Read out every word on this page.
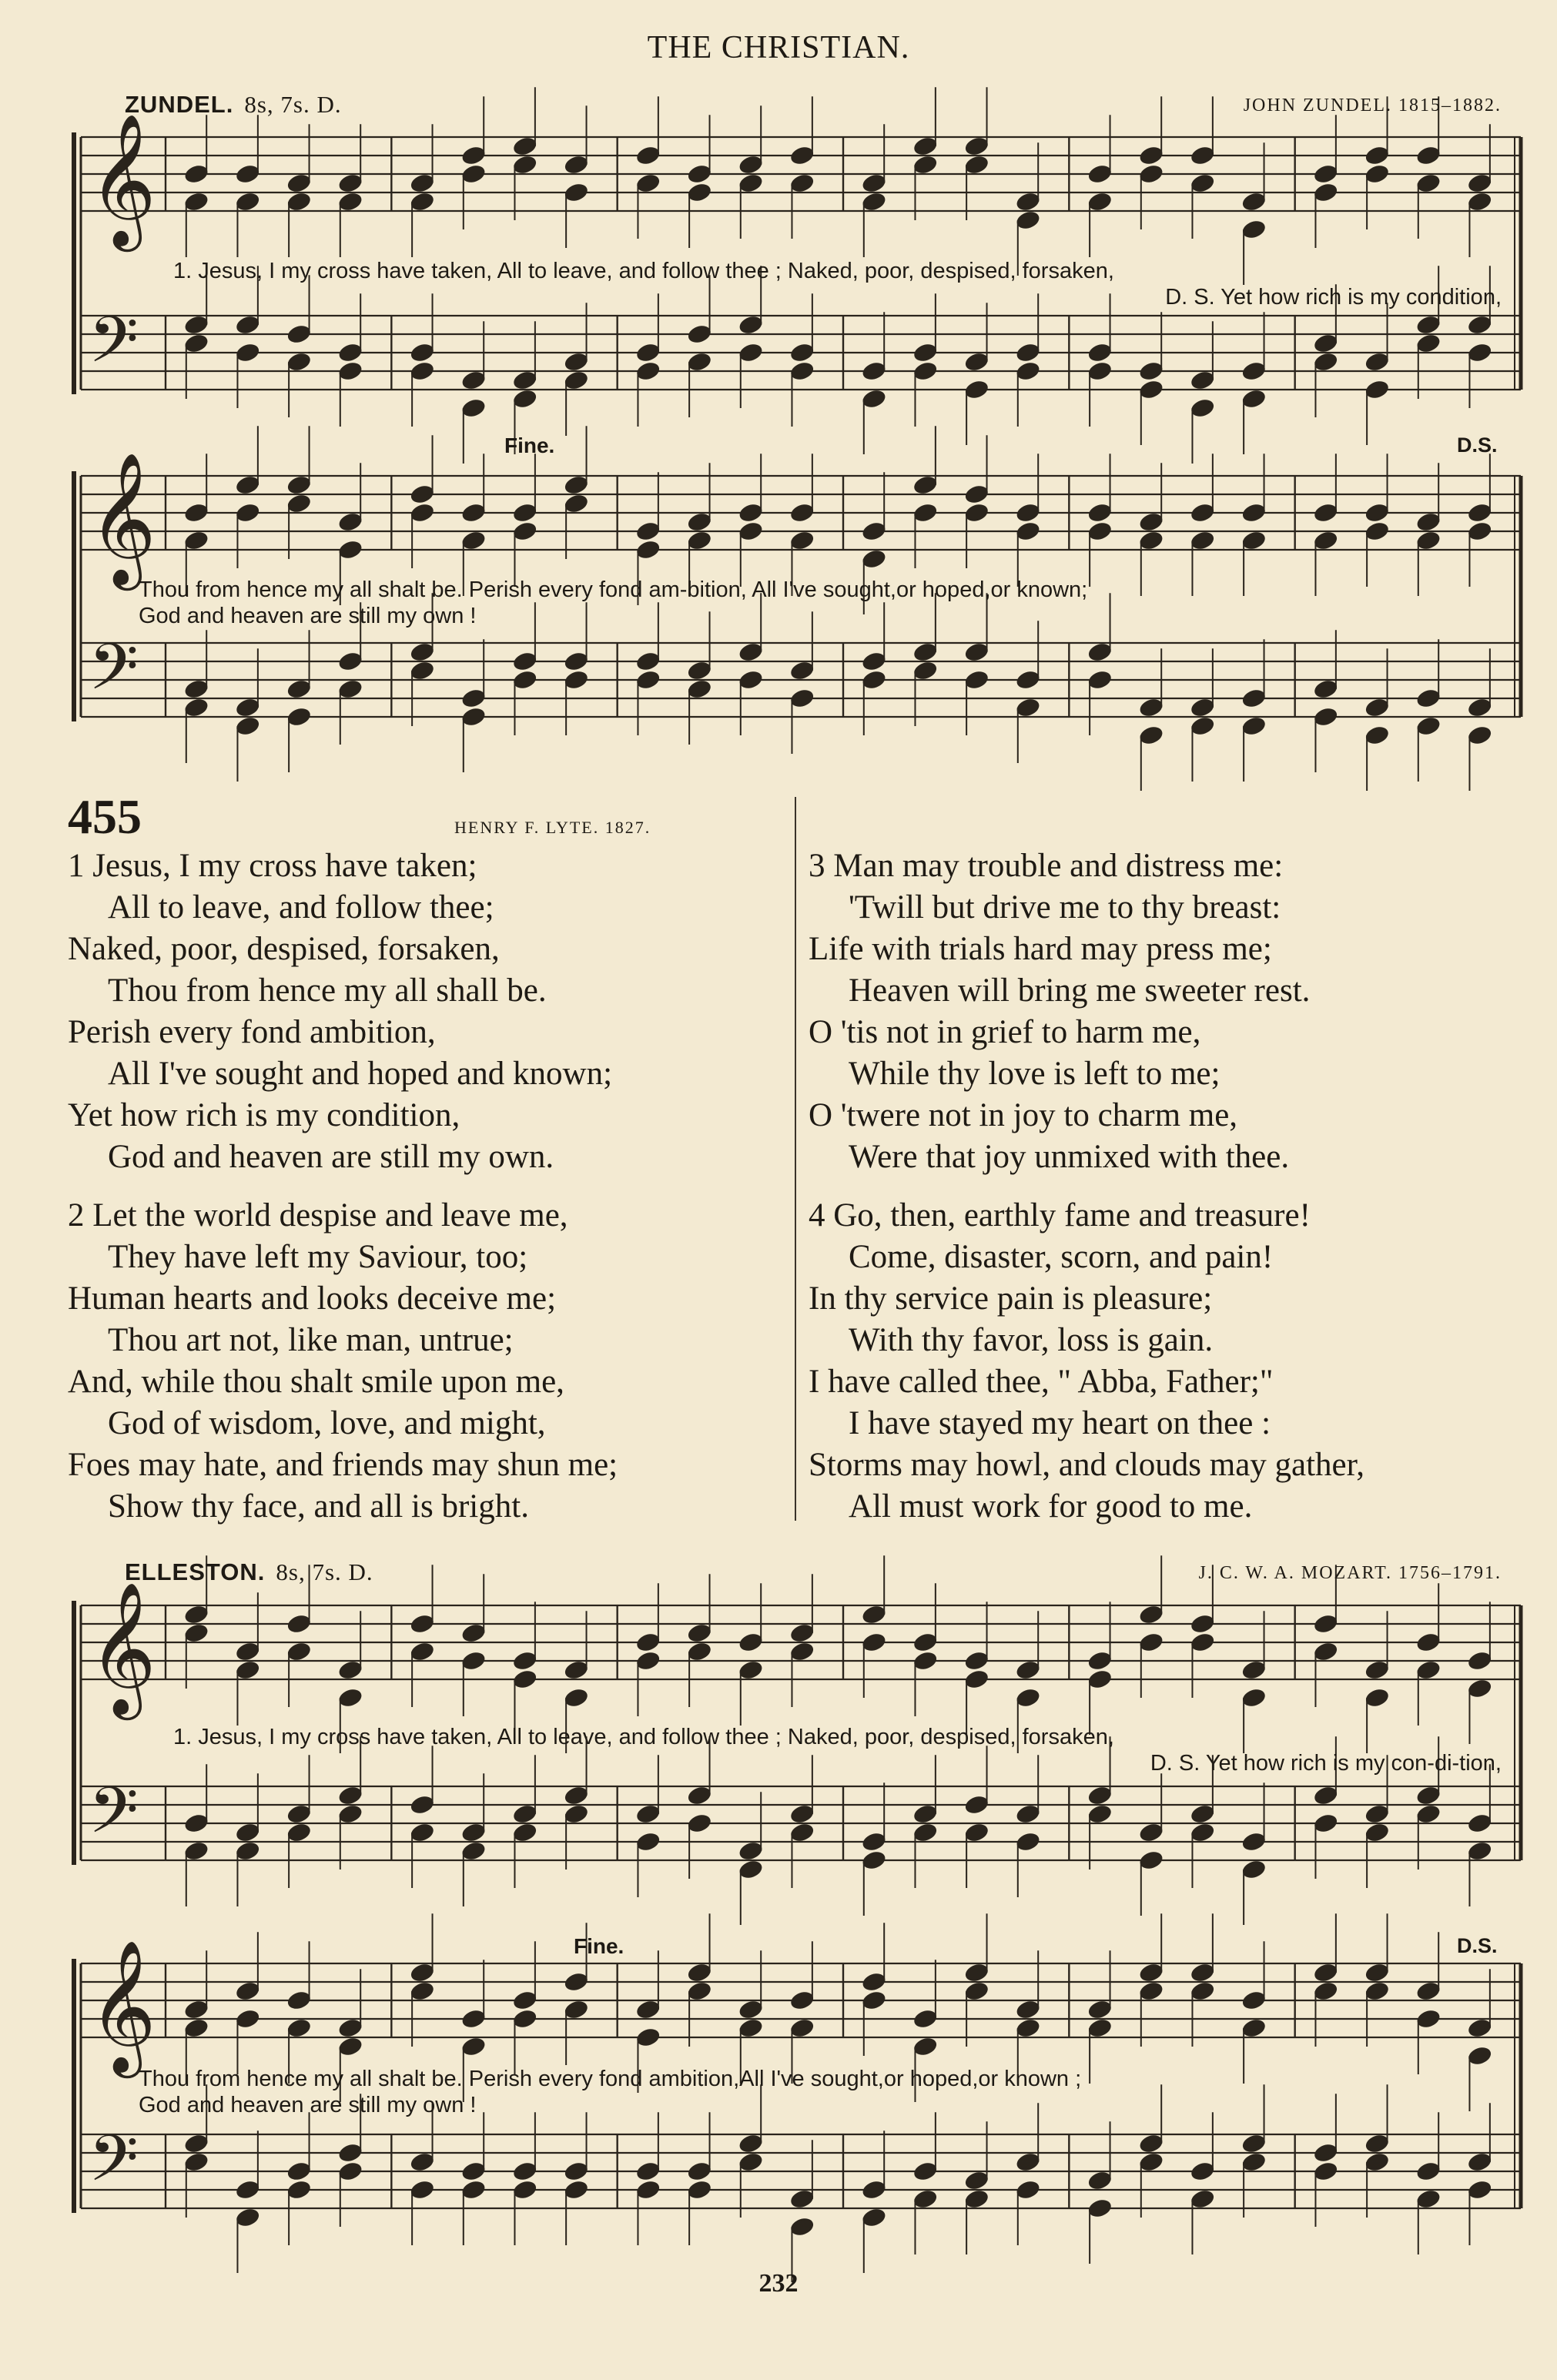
𝄞
𝄢
𝄞
𝄢
𝄞
𝄢
𝄞
𝄢
THE CHRISTIAN.
ZUNDEL. 8s, 7s. D.	JOHN ZUNDEL. 1815–1882.
1. Jesus, I my cross have taken, All to leave, and follow thee ; Naked, poor, despised, forsaken,
D. S. Yet how rich is my condition,
Fine.	D.S.
Thou from hence my all shalt be. Perish every fond am-bition, All I've sought,or hoped,or known;
God and heaven are still my own !
455	HENRY F. LYTE. 1827.
1 Jesus, I my cross have taken;
All to leave, and follow thee;
Naked, poor, despised, forsaken,
Thou from hence my all shall be.
Perish every fond ambition,
All I've sought and hoped and known;
Yet how rich is my condition,
God and heaven are still my own.
2 Let the world despise and leave me,
They have left my Saviour, too;
Human hearts and looks deceive me;
Thou art not, like man, untrue;
And, while thou shalt smile upon me,
God of wisdom, love, and might,
Foes may hate, and friends may shun me;
Show thy face, and all is bright.
3 Man may trouble and distress me:
'Twill but drive me to thy breast:
Life with trials hard may press me;
Heaven will bring me sweeter rest.
O 'tis not in grief to harm me,
While thy love is left to me;
O 'twere not in joy to charm me,
Were that joy unmixed with thee.
4 Go, then, earthly fame and treasure!
Come, disaster, scorn, and pain!
In thy service pain is pleasure;
With thy favor, loss is gain.
I have called thee, " Abba, Father;"
I have stayed my heart on thee :
Storms may howl, and clouds may gather,
All must work for good to me.
ELLESTON. 8s, 7s. D.	J. C. W. A. MOZART. 1756–1791.
1. Jesus, I my cross have taken, All to leave, and follow thee ; Naked, poor, despised, forsaken,
D. S. Yet how rich is my con-di-tion,
Fine.	D.S.
Thou from hence my all shalt be. Perish every fond ambition,All I've sought,or hoped,or known ;
God and heaven are still my own !
232
